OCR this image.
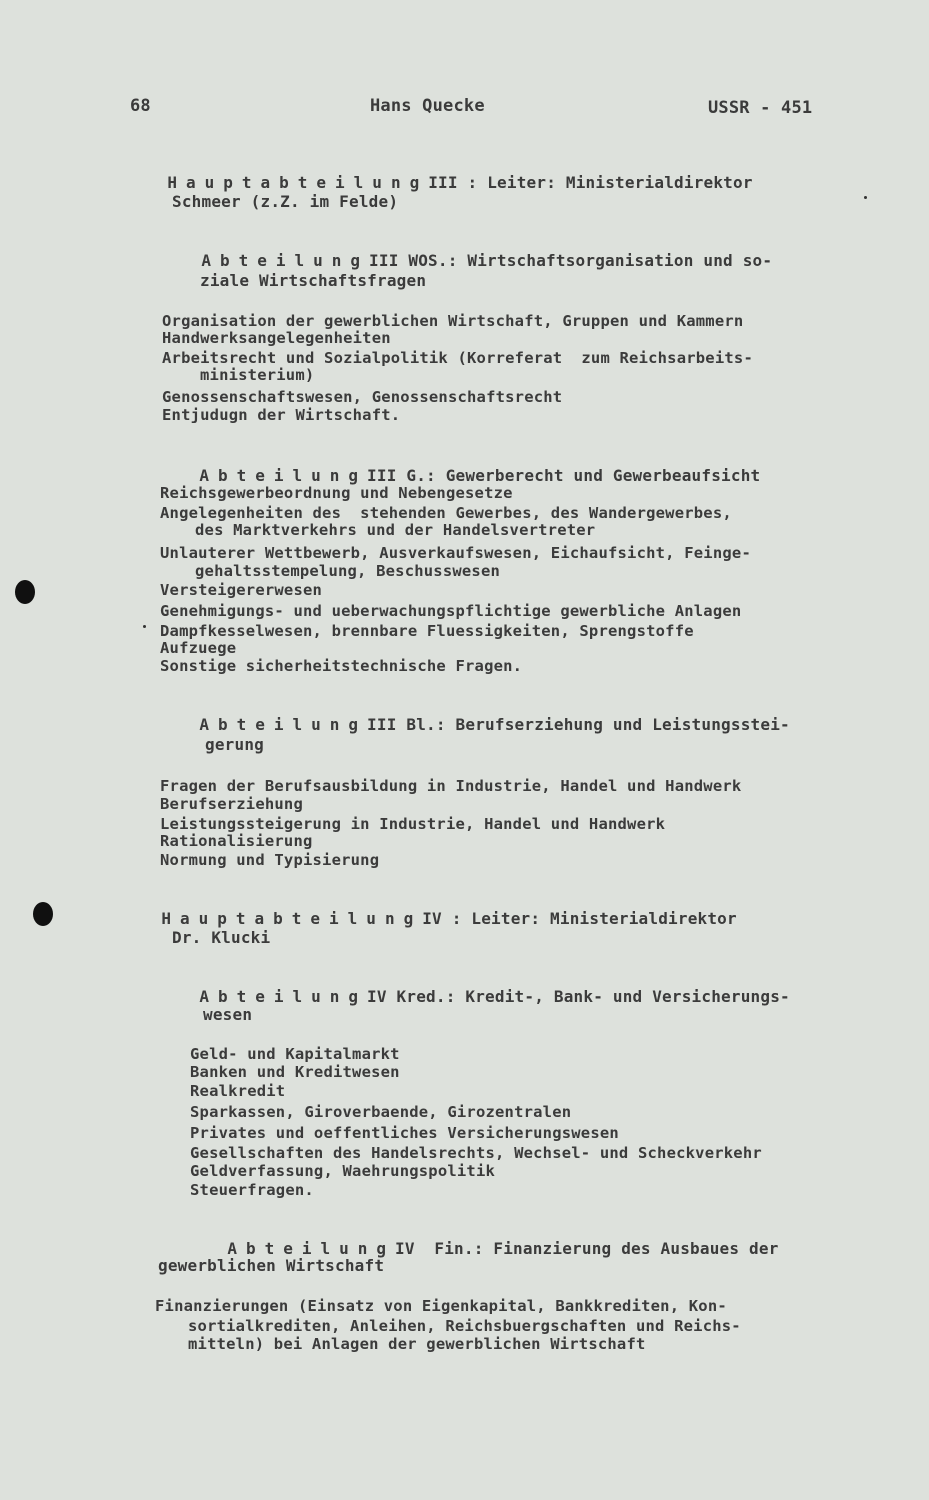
68	Hans Quecke	USSR - 451

HauptabteilungIII : Leiter: Ministerialdirektor

Schmeer (z.Z. im Felde)

AbteilungIII WOS.: Wirtschaftsorganisation und so-

ziale Wirtschaftsfragen
Organisation der gewerblichen Wirtschaft, Gruppen und Kammern
Handwerksangelegenheiten
Arbeitsrecht und Sozialpolitik (Korreferat  zum Reichsarbeits-
ministerium)
Genossenschaftswesen, Genossenschaftsrecht
Entjudugn der Wirtschaft.

AbteilungIII G.: Gewerberecht und Gewerbeaufsicht

Reichsgewerbeordnung und Nebengesetze
Angelegenheiten des  stehenden Gewerbes, des Wandergewerbes,
des Marktverkehrs und der Handelsvertreter
Unlauterer Wettbewerb, Ausverkaufswesen, Eichaufsicht, Feinge-
gehaltsstempelung, Beschusswesen
Versteigererwesen
Genehmigungs- und ueberwachungspflichtige gewerbliche Anlagen
Dampfkesselwesen, brennbare Fluessigkeiten, Sprengstoffe
Aufzuege
Sonstige sicherheitstechnische Fragen.

AbteilungIII Bl.: Berufserziehung und Leistungsstei-

gerung
Fragen der Berufsausbildung in Industrie, Handel und Handwerk
Berufserziehung
Leistungssteigerung in Industrie, Handel und Handwerk
Rationalisierung
Normung und Typisierung

HauptabteilungIV : Leiter: Ministerialdirektor

Dr. Klucki

AbteilungIV Kred.: Kredit-, Bank- und Versicherungs-

wesen
Geld- und Kapitalmarkt
Banken und Kreditwesen
Realkredit
Sparkassen, Giroverbaende, Girozentralen
Privates und oeffentliches Versicherungswesen
Gesellschaften des Handelsrechts, Wechsel- und Scheckverkehr
Geldverfassung, Waehrungspolitik
Steuerfragen.

AbteilungIV  Fin.: Finanzierung des Ausbaues der

gewerblichen Wirtschaft
Finanzierungen (Einsatz von Eigenkapital, Bankkrediten, Kon-
sortialkrediten, Anleihen, Reichsbuergschaften und Reichs-
mitteln) bei Anlagen der gewerblichen Wirtschaft
